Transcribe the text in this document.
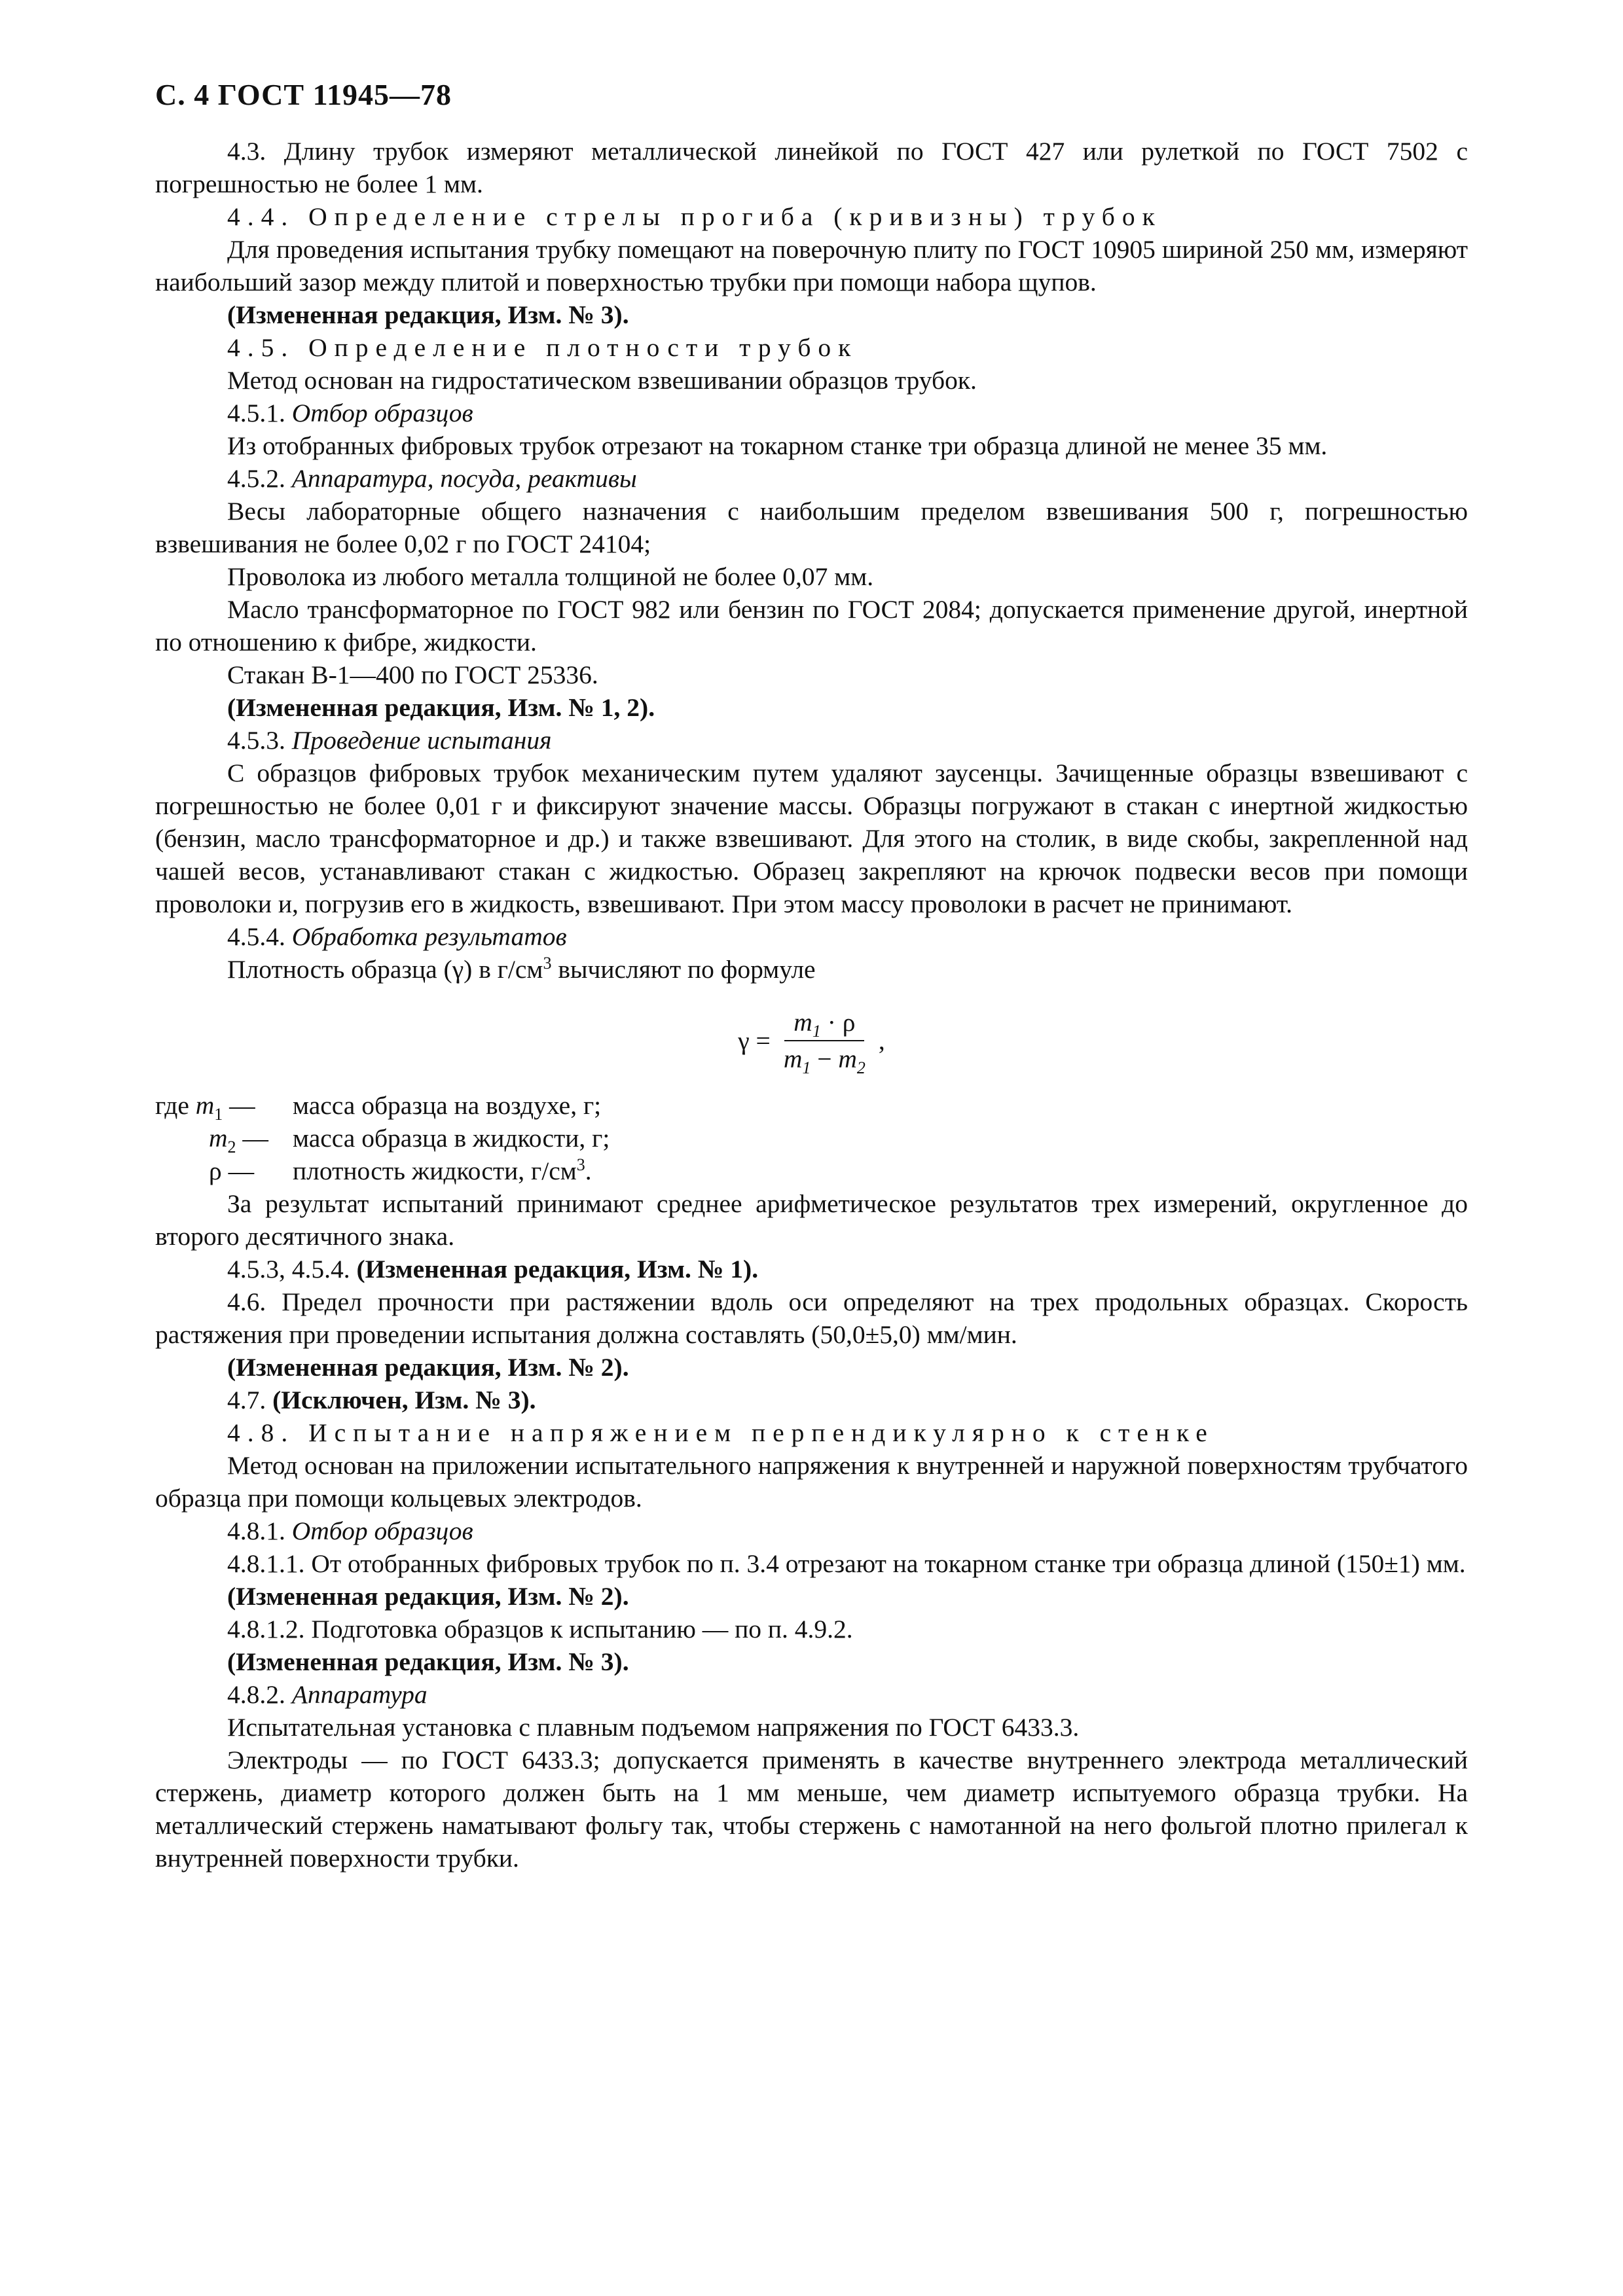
С. 4 ГОСТ 11945—78

4.3. Длину трубок измеряют металлической линейкой по ГОСТ 427 или рулеткой по ГОСТ 7502 с погрешностью не более 1 мм.

4.4. Определение стрелы прогиба (кривизны) трубок

Для проведения испытания трубку помещают на поверочную плиту по ГОСТ 10905 шириной 250 мм, измеряют наибольший зазор между плитой и поверхностью трубки при помощи набора щупов.

(Измененная редакция, Изм. № 3).

4.5. Определение плотности трубок

Метод основан на гидростатическом взвешивании образцов трубок.

4.5.1. Отбор образцов

Из отобранных фибровых трубок отрезают на токарном станке три образца длиной не менее 35 мм.

4.5.2. Аппаратура, посуда, реактивы

Весы лабораторные общего назначения с наибольшим пределом взвешивания 500 г, погрешностью взвешивания не более 0,02 г по ГОСТ 24104;

Проволока из любого металла толщиной не более 0,07 мм.

Масло трансформаторное по ГОСТ 982 или бензин по ГОСТ 2084; допускается применение другой, инертной по отношению к фибре, жидкости.

Стакан В-1—400 по ГОСТ 25336.

(Измененная редакция, Изм. № 1, 2).

4.5.3. Проведение испытания

С образцов фибровых трубок механическим путем удаляют заусенцы. Зачищенные образцы взвешивают с погрешностью не более 0,01 г и фиксируют значение массы. Образцы погружают в стакан с инертной жидкостью (бензин, масло трансформаторное и др.) и также взвешивают. Для этого на столик, в виде скобы, закрепленной над чашей весов, устанавливают стакан с жидкостью. Образец закрепляют на крючок подвески весов при помощи проволоки и, погрузив его в жидкость, взвешивают. При этом массу проволоки в расчет не принимают.

4.5.4. Обработка результатов

Плотность образца (γ) в $г/см^3$ вычисляют по формуле

$\gamma = \frac{m_1 \cdot \rho}{m_1 - m_2}$ ,
где $m_1$ —	масса образца на воздухе, г;
$m_2$ — масса образца в жидкости, г;
ρ —	плотность жидкости, $г/см^3$.

За результат испытаний принимают среднее арифметическое результатов трех измерений, округленное до второго десятичного знака.

4.5.3, 4.5.4. (Измененная редакция, Изм. № 1).

4.6. Предел прочности при растяжении вдоль оси определяют на трех продольных образцах. Скорость растяжения при проведении испытания должна составлять (50,0±5,0) мм/мин.

(Измененная редакция, Изм. № 2).

4.7. (Исключен, Изм. № 3).

4.8. Испытание напряжением перпендикулярно к стенке

Метод основан на приложении испытательного напряжения к внутренней и наружной поверхностям трубчатого образца при помощи кольцевых электродов.

4.8.1. Отбор образцов

4.8.1.1. От отобранных фибровых трубок по п. 3.4 отрезают на токарном станке три образца длиной (150±1) мм.

(Измененная редакция, Изм. № 2).

4.8.1.2. Подготовка образцов к испытанию — по п. 4.9.2.

(Измененная редакция, Изм. № 3).

4.8.2. Аппаратура

Испытательная установка с плавным подъемом напряжения по ГОСТ 6433.3.

Электроды — по ГОСТ 6433.3; допускается применять в качестве внутреннего электрода металлический стержень, диаметр которого должен быть на 1 мм меньше, чем диаметр испытуемого образца трубки. На металлический стержень наматывают фольгу так, чтобы стержень с намотанной на него фольгой плотно прилегал к внутренней поверхности трубки.
